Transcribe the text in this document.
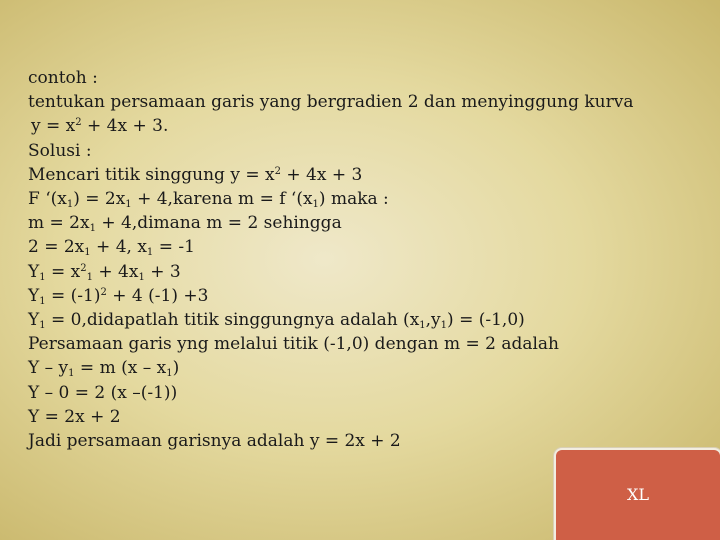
contoh :
tentukan persamaan garis yang bergradien 2 dan menyinggung kurva
$y = x^2 + 4x + 3$.
Solusi :
Mencari titik singgung $y = x^2 + 4x + 3$
F ‘$(x_1) = 2x_1$ + 4,karena m = f ‘$(x_1)$ maka :
$m = 2x_1$ + 4,dimana m = 2 sehingga
$2 = 2x_1 + 4$, $x_1 = -1$
$Y_1 = x^2_1 + 4x_1 + 3$
$Y_1 = (-1)^2 + 4$ (-1) +3
$Y_1$ = 0,didapatlah titik singgungnya adalah $(x_1,y_1) = (-1,0)$
Persamaan garis yng melalui titik (-1,0) dengan m = 2 adalah
$Y - y_1 = m$ $(x - x_1)$
Y – 0 = 2 (x –(-1))
Y = 2x + 2
Jadi persamaan garisnya adalah y = 2x + 2
XL
